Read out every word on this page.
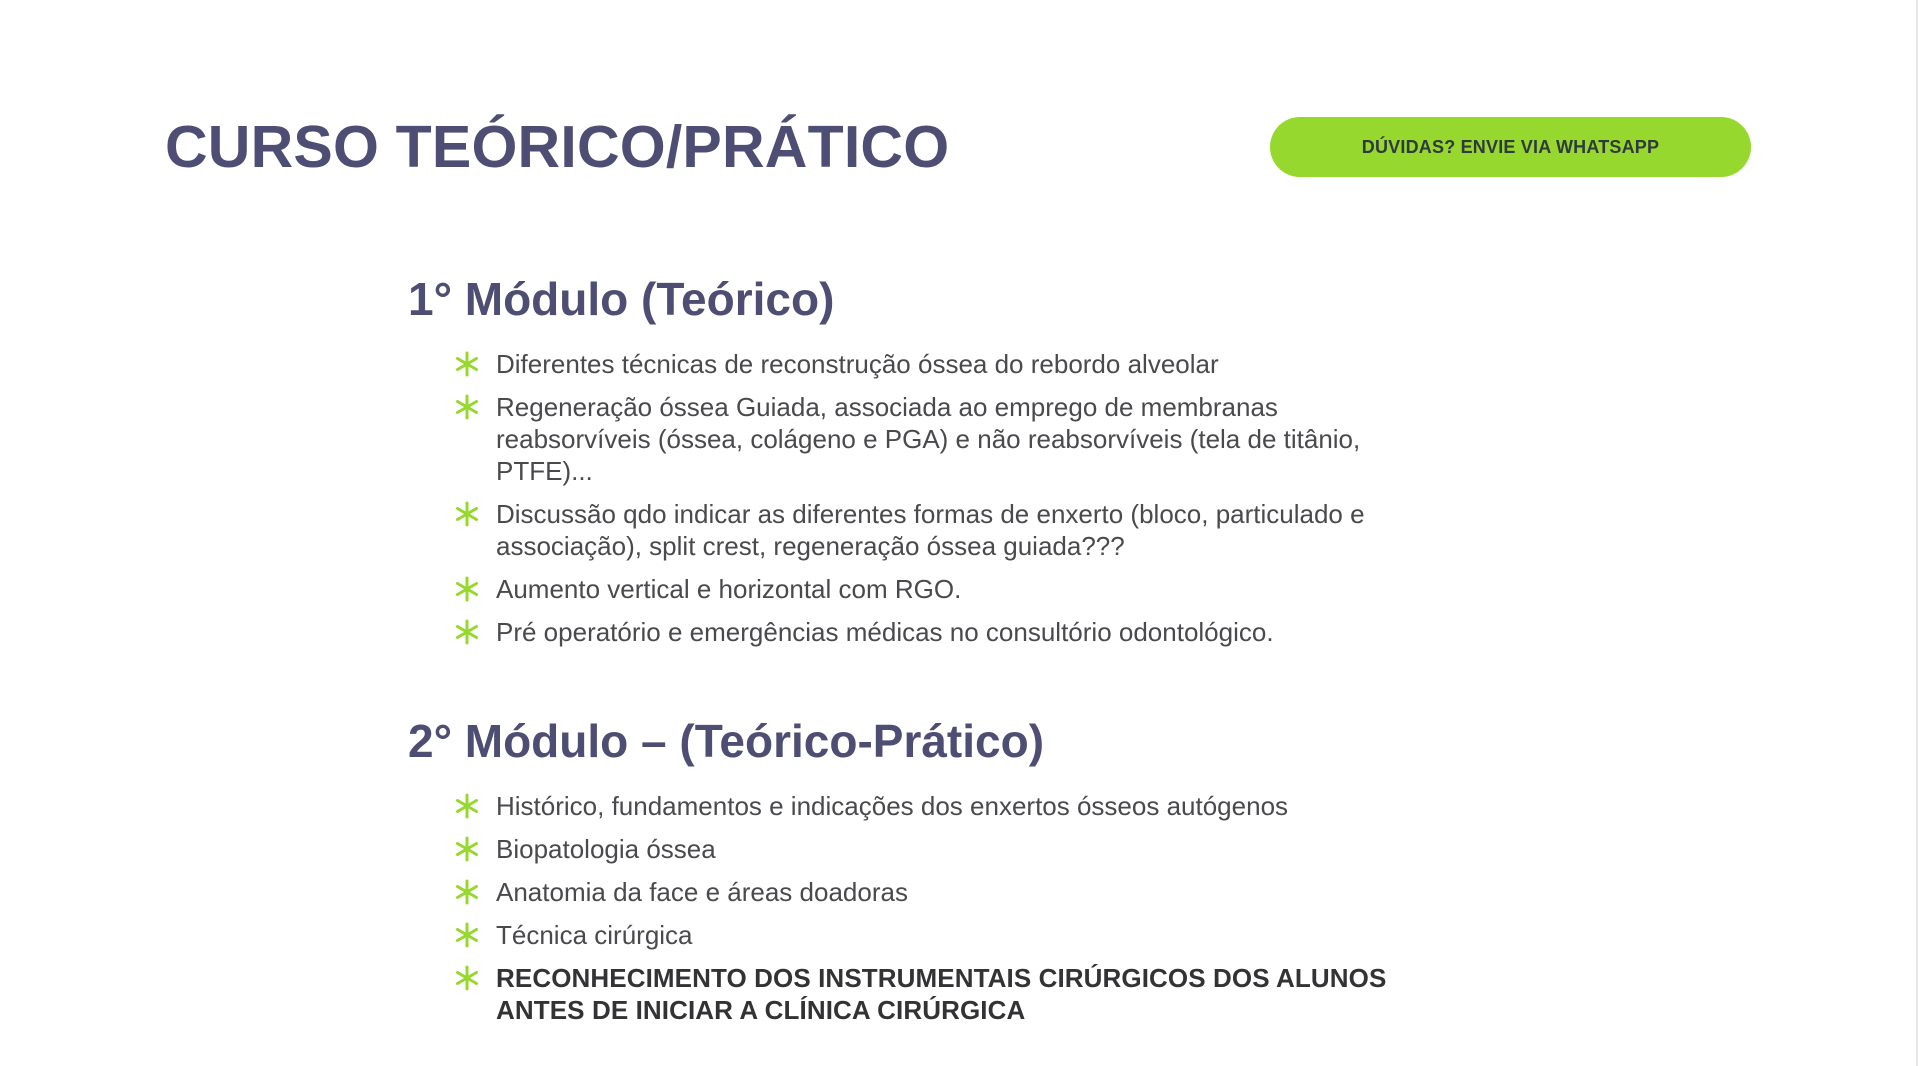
CURSO TEÓRICO/PRÁTICO	DÚVIDAS? ENVIE VIA WHATSAPP
1° Módulo (Teórico)
Diferentes técnicas de reconstrução óssea do rebordo alveolar
Regeneração óssea Guiada, associada ao emprego de membranas reabsorvíveis (óssea, colágeno e PGA) e não reabsorvíveis (tela de titânio, PTFE)...
Discussão qdo indicar as diferentes formas de enxerto (bloco, particulado e associação), split crest, regeneração óssea guiada???
Aumento vertical e horizontal com RGO.
Pré operatório e emergências médicas no consultório odontológico.
2° Módulo – (Teórico-Prático)
Histórico, fundamentos e indicações dos enxertos ósseos autógenos
Biopatologia óssea
Anatomia da face e áreas doadoras
Técnica cirúrgica
RECONHECIMENTO DOS INSTRUMENTAIS CIRÚRGICOS DOS ALUNOS ANTES DE INICIAR A CLÍNICA CIRÚRGICA
